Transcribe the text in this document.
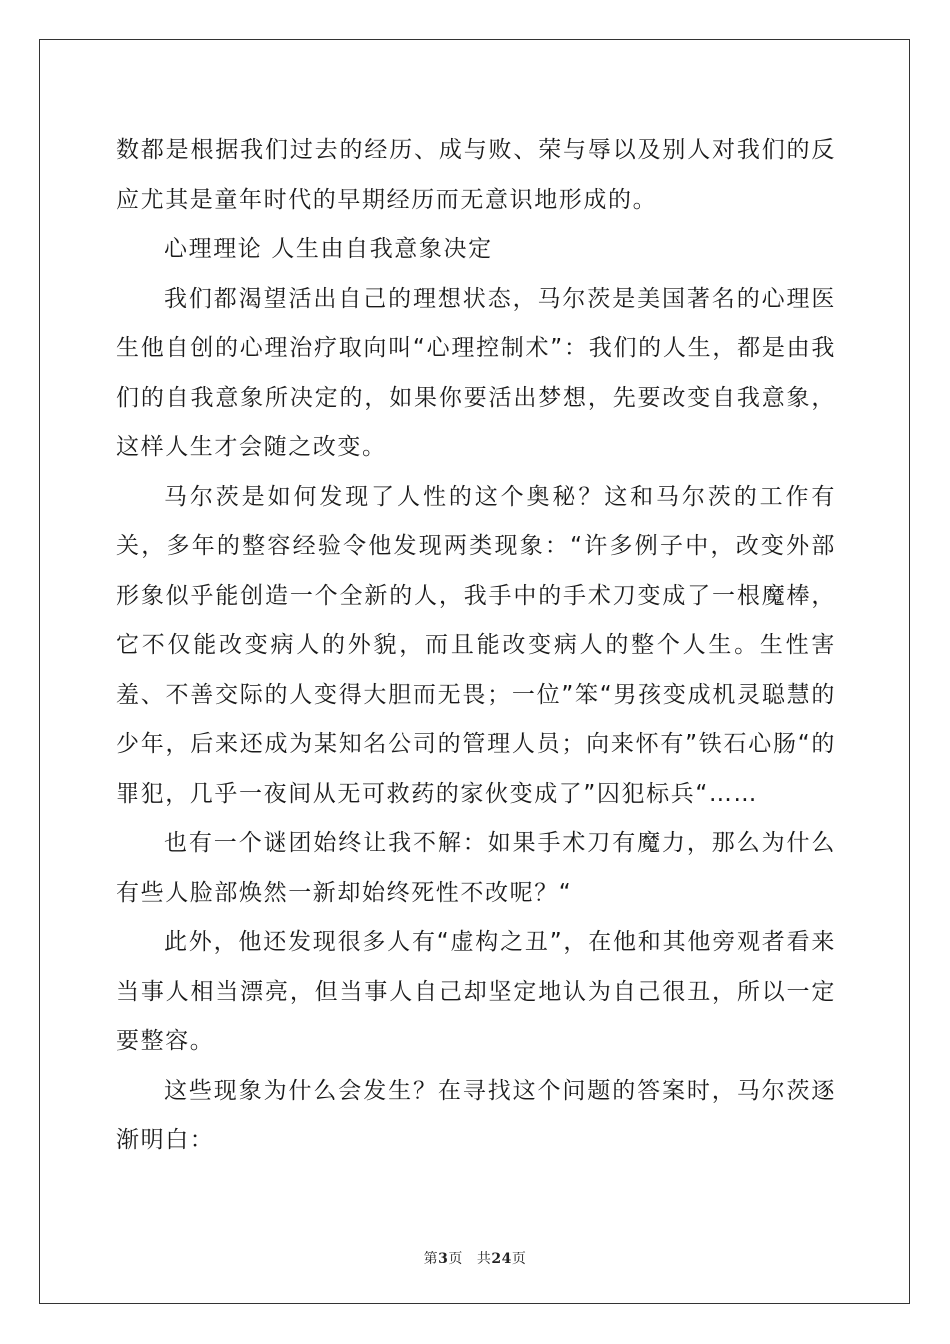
数都是根据我们过去的经历、成与败、荣与辱以及别人对我们的反应尤其是童年时代的早期经历而无意识地形成的。

心理理论 人生由自我意象决定

我们都渴望活出自己的理想状态，马尔茨是美国著名的心理医生他自创的心理治疗取向叫“心理控制术”：我们的人生，都是由我们的自我意象所决定的，如果你要活出梦想，先要改变自我意象，这样人生才会随之改变。

马尔茨是如何发现了人性的这个奥秘？这和马尔茨的工作有关，多年的整容经验令他发现两类现象：“许多例子中，改变外部形象似乎能创造一个全新的人，我手中的手术刀变成了一根魔棒，它不仅能改变病人的外貌，而且能改变病人的整个人生。生性害羞、不善交际的人变得大胆而无畏；一位”笨“男孩变成机灵聪慧的少年，后来还成为某知名公司的管理人员；向来怀有”铁石心肠“的罪犯，几乎一夜间从无可救药的家伙变成了”囚犯标兵“……

也有一个谜团始终让我不解：如果手术刀有魔力，那么为什么有些人脸部焕然一新却始终死性不改呢？“

此外，他还发现很多人有“虚构之丑”，在他和其他旁观者看来当事人相当漂亮，但当事人自己却坚定地认为自己很丑，所以一定要整容。

这些现象为什么会发生？在寻找这个问题的答案时，马尔茨逐渐明白：

第3页 共24页
